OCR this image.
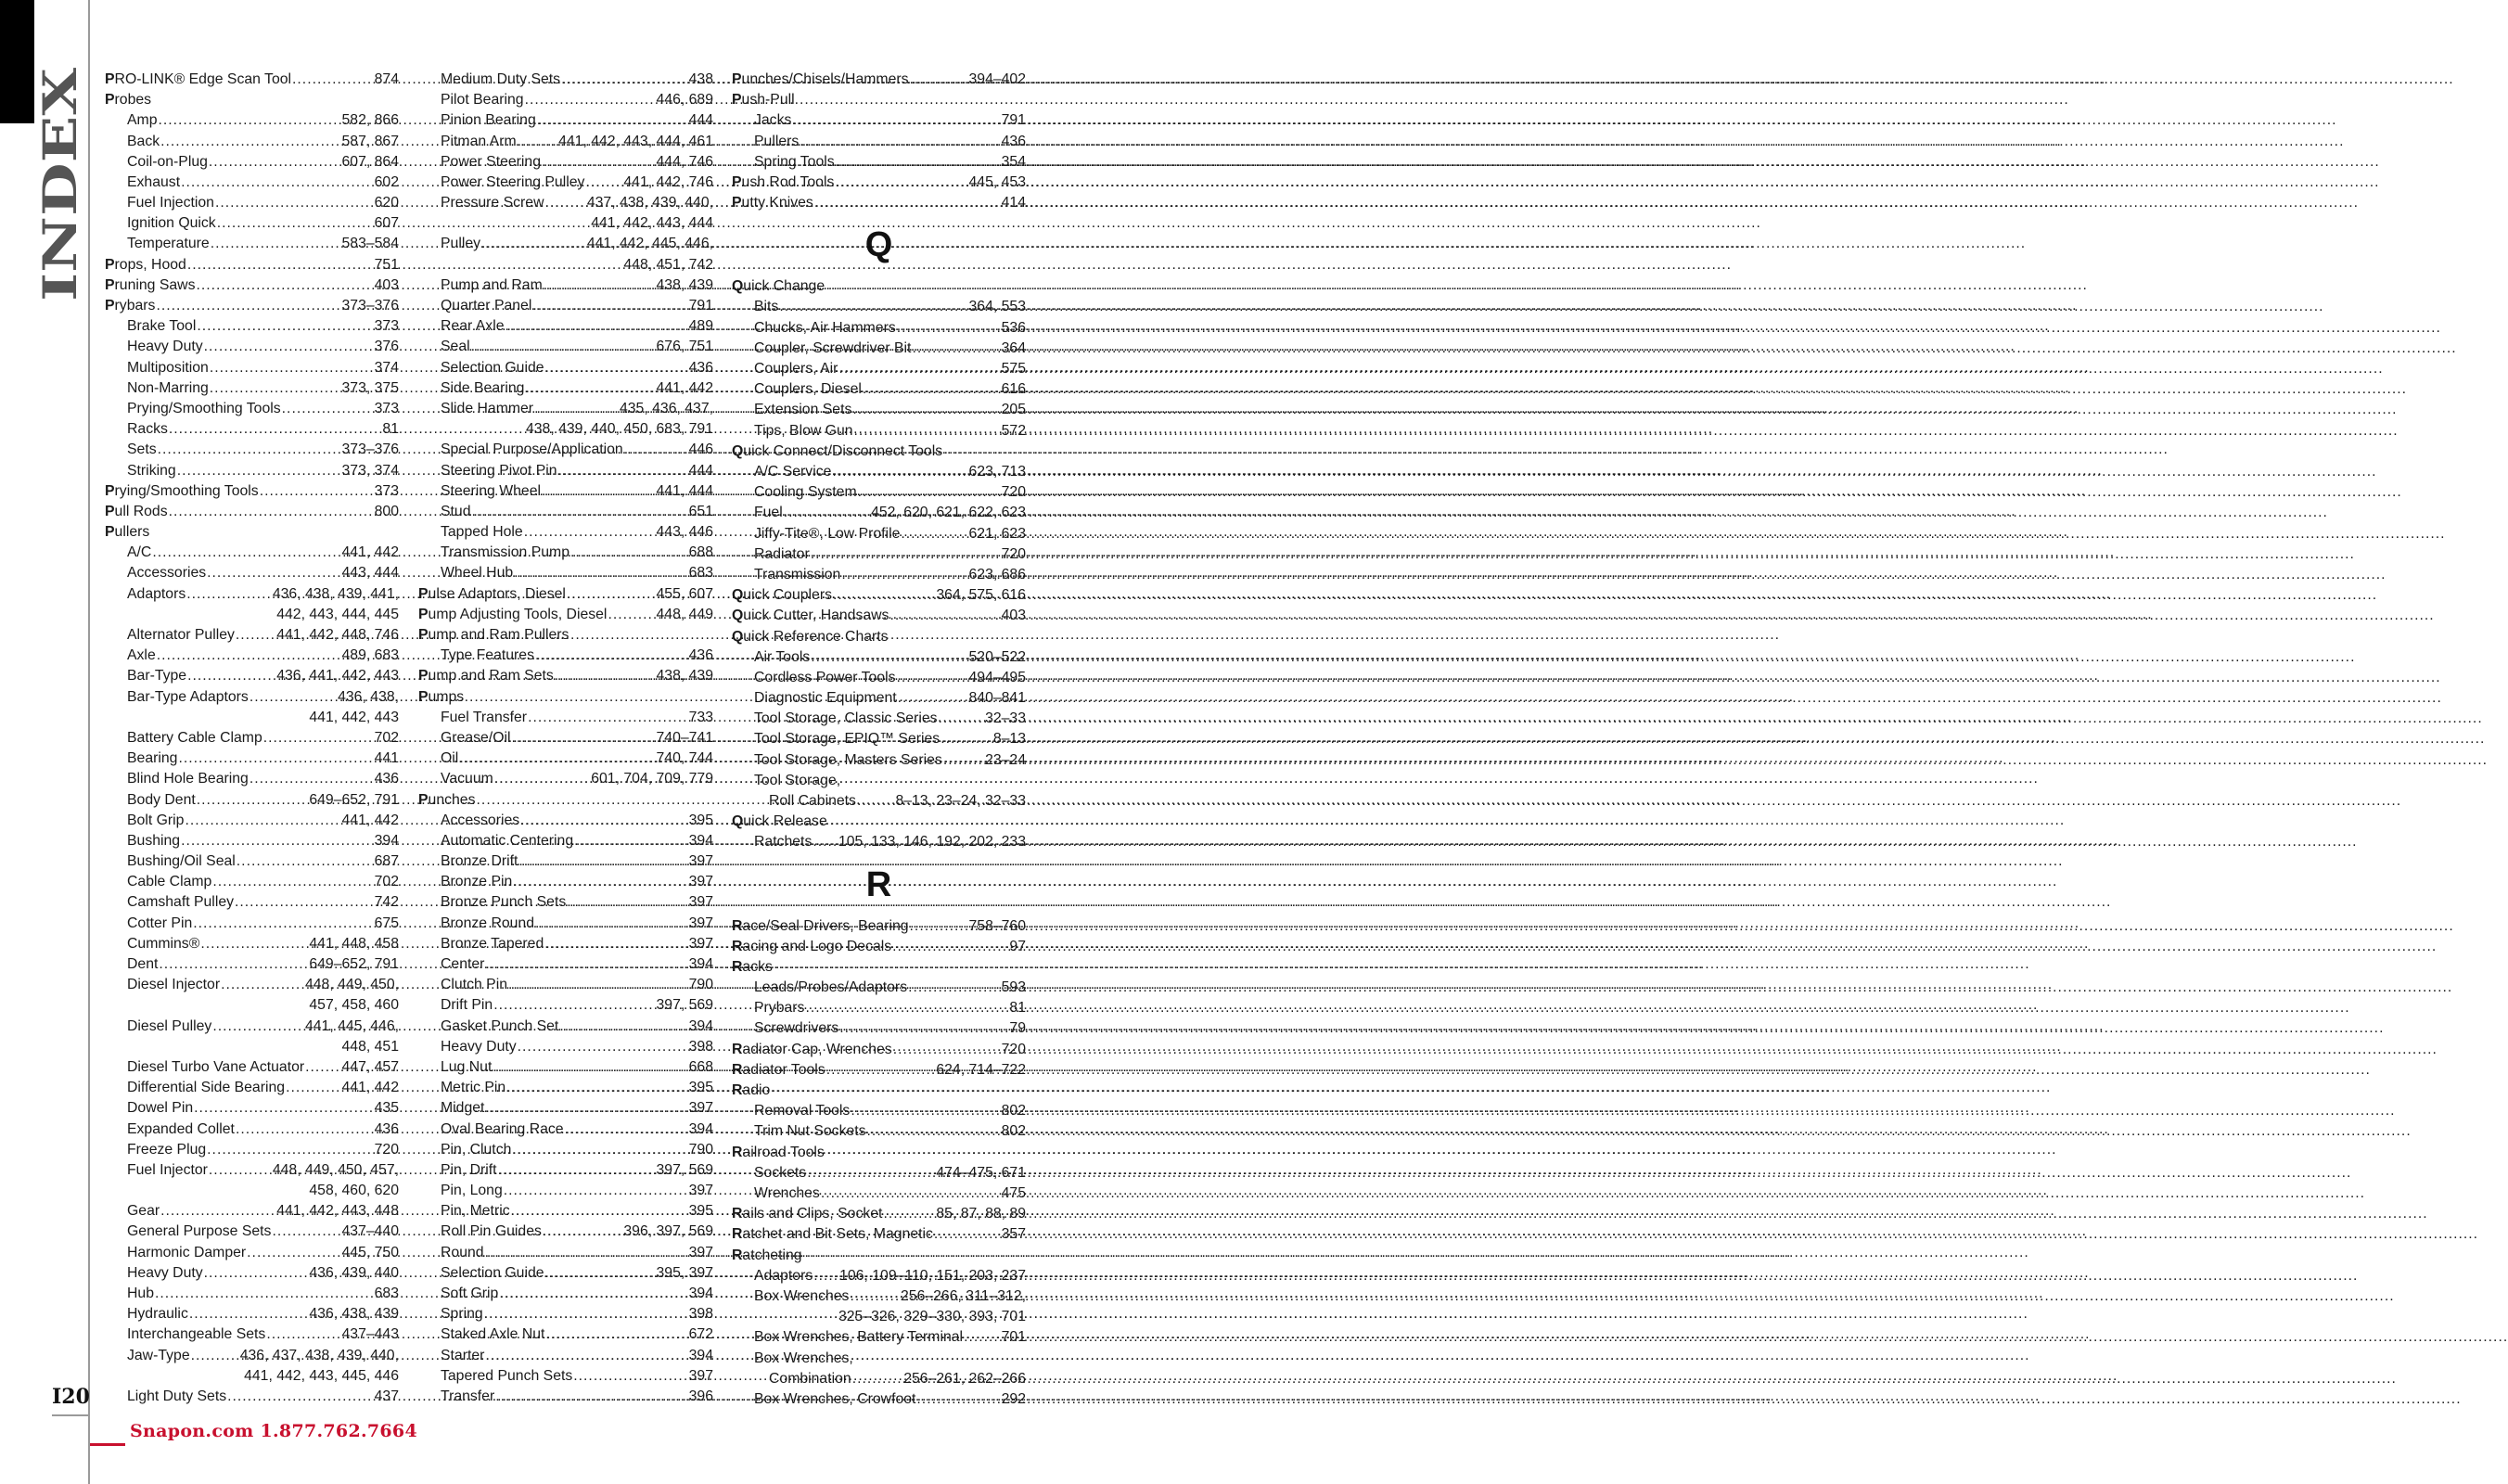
INDEX
PRO-LINK® Edge Scan Tool .....	874
Probes
Amp .....	582, 866
Back .....	587, 867
Coil-on-Plug .....	607, 864
Exhaust .....	602
Fuel Injection .....	620
Ignition Quick .....	607
Temperature .....	583–584
Props, Hood .....	751
Pruning Saws .....	403
Prybars .....	373–376
Brake Tool .....	373
Heavy Duty .....	376
Multiposition .....	374
Non-Marring .....	373, 375
Prying/Smoothing Tools .....	373
Racks .....	81
Sets .....	373–376
Striking .....	373, 374
Prying/Smoothing Tools .....	373
Pull Rods .....	800
Pullers
A/C .....	441, 442
Accessories .....	443, 444
Adaptors .....	436, 438, 439, 441,
442, 443, 444, 445
Alternator Pulley .....	441, 442, 448, 746
Axle .....	489, 683
Bar-Type .....	436, 441, 442, 443
Bar-Type Adaptors .....	436, 438,
441, 442, 443
Battery Cable Clamp .....	702
Bearing .....	441
Blind Hole Bearing .....	436
Body Dent .....	649–652, 791
Bolt Grip .....	441, 442
Bushing .....	394
Bushing/Oil Seal .....	687
Cable Clamp .....	702
Camshaft Pulley .....	742
Cotter Pin .....	675
Cummins® .....	441, 448, 458
Dent .....	649–652, 791
Diesel Injector .....	448, 449, 450,
457, 458, 460
Diesel Pulley .....	441, 445, 446,
448, 451
Diesel Turbo Vane Actuator .....	447, 457
Differential Side Bearing .....	441, 442
Dowel Pin .....	435
Expanded Collet .....	436
Freeze Plug .....	720
Fuel Injector .....	448, 449, 450, 457,
458, 460, 620
Gear .....	441, 442, 443, 448
General Purpose Sets .....	437–440
Harmonic Damper .....	445, 750
Heavy Duty .....	436, 439, 440
Hub .....	683
Hydraulic .....	436, 438, 439
Interchangeable Sets .....	437–443
Jaw-Type .....	436, 437, 438, 439, 440,
441, 442, 443, 445, 446
Light Duty Sets .....	437
Medium Duty Sets .....	438
Pilot Bearing .....	446, 689
Pinion Bearing .....	444
Pitman Arm .....	441, 442, 443, 444, 461
Power Steering .....	444, 746
Power Steering Pulley .....	441, 442, 746
Pressure Screw .....	437, 438, 439, 440,
441, 442, 443, 444
Pulley .....	441, 442, 445, 446,
448, 451, 742
Pump and Ram .....	438, 439
Quarter Panel .....	791
Rear Axle .....	489
Seal .....	676, 751
Selection Guide .....	436
Side Bearing .....	441, 442
Slide Hammer .....	435, 436, 437,
438, 439, 440, 450, 683, 791
Special Purpose/Application .....	446
Steering Pivot Pin .....	444
Steering Wheel .....	441, 444
Stud .....	651
Tapped Hole .....	443, 446
Transmission Pump .....	688
Wheel Hub .....	683
Pulse Adaptors, Diesel .....	455, 607
Pump Adjusting Tools, Diesel .....	448, 449
Pump and Ram Pullers
Type Features .....	436
Pump and Ram Sets .....	438, 439
Pumps
Fuel Transfer .....	733
Grease/Oil .....	740–741
Oil .....	740, 744
Vacuum .....	601, 704, 709, 779
Punches
Accessories .....	395
Automatic Centering .....	394
Bronze Drift .....	397
Bronze Pin .....	397
Bronze Punch Sets .....	397
Bronze Round .....	397
Bronze Tapered .....	397
Center .....	394
Clutch Pin .....	790
Drift Pin .....	397, 569
Gasket Punch Set .....	394
Heavy Duty .....	398
Lug Nut .....	668
Metric Pin .....	395
Midget .....	397
Oval Bearing Race .....	394
Pin, Clutch .....	790
Pin, Drift .....	397, 569
Pin, Long .....	397
Pin, Metric .....	395
Roll Pin Guides .....	396, 397, 569
Round .....	397
Selection Guide .....	395, 397
Soft Grip .....	394
Spring .....	398
Staked Axle Nut .....	672
Starter .....	394
Tapered Punch Sets .....	397
Transfer .....	396
Punches/Chisels/Hammers .....	394–402
Push-Pull
Jacks .....	791
Pullers .....	436
Spring Tools .....	354
Push Rod Tools .....	445, 453
Putty Knives .....	414
Q
Quick Change
Bits .....	364, 553
Chucks, Air Hammers .....	536
Coupler, Screwdriver Bit .....	364
Couplers, Air .....	575
Couplers, Diesel .....	616
Extension Sets .....	205
Tips, Blow Gun .....	572
Quick Connect/Disconnect Tools
A/C Service .....	623, 713
Cooling System .....	720
Fuel .....	452, 620, 621, 622, 623
Jiffy-Tite®, Low Profile .....	621, 623
Radiator .....	720
Transmission .....	623, 686
Quick Couplers .....	364, 575, 616
Quick Cutter, Handsaws .....	403
Quick Reference Charts
Air Tools .....	520–522
Cordless Power Tools .....	494–495
Diagnostic Equipment .....	840–841
Tool Storage, Classic Series .....	32–33
Tool Storage, EPIQ™ Series .....	8–13
Tool Storage, Masters Series .....	23–24
Tool Storage,
Roll Cabinets .....	8–13, 23–24, 32–33
Quick Release
Ratchets ..... 105, 133, 146, 192, 202, 233
R
Race/Seal Drivers, Bearing .....	758–760
Racing and Logo Decals .....	97
Racks
Leads/Probes/Adaptors .....	593
Prybars .....	81
Screwdrivers .....	79
Radiator Cap, Wrenches .....	720
Radiator Tools .....	624, 714–722
Radio
Removal Tools .....	802
Trim Nut Sockets .....	802
Railroad Tools
Sockets .....	474–475, 671
Wrenches .....	475
Rails and Clips, Socket .....	85, 87, 88, 89
Ratchet and Bit Sets, Magnetic .....	357
Ratcheting
Adaptors ..... 106, 109–110, 151, 203, 237
Box Wrenches .....	256–266, 311–312,
325–326, 329–330, 393, 701
Box Wrenches, Battery Terminal .....	701
Box Wrenches,
Combination .....	256–261, 262–266
Box Wrenches, Crowfoot .....	292
I20
Snapon.com 1.877.762.7664
